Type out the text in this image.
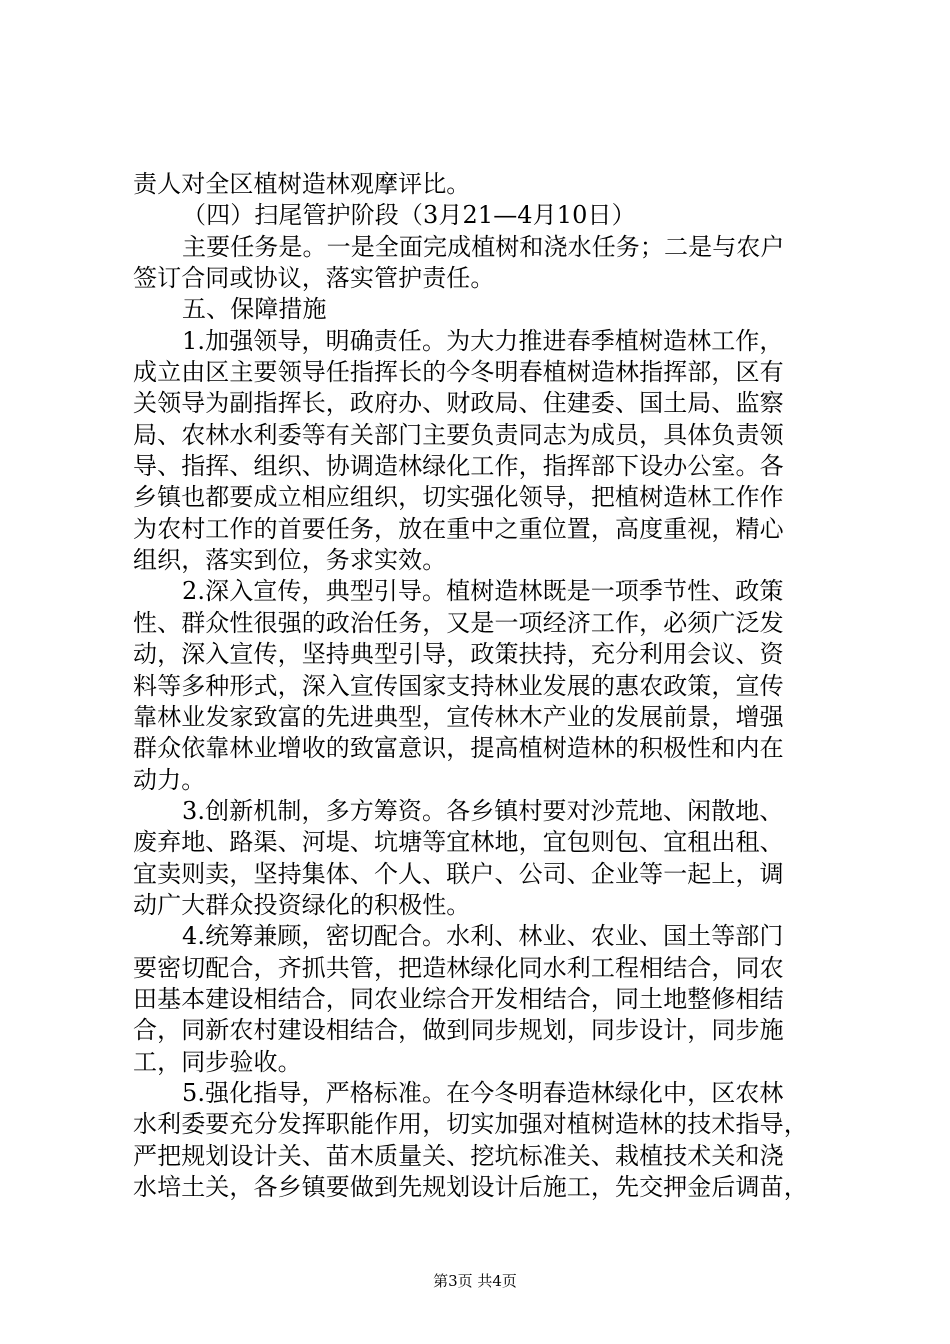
责人对全区植树造林观摩评比。
（四）扫尾管护阶段（3月21—4月10日）
主要任务是。一是全面完成植树和浇水任务；二是与农户
签订合同或协议，落实管护责任。
五、保障措施
1.加强领导，明确责任。为大力推进春季植树造林工作，
成立由区主要领导任指挥长的今冬明春植树造林指挥部，区有
关领导为副指挥长，政府办、财政局、住建委、国土局、监察
局、农林水利委等有关部门主要负责同志为成员，具体负责领
导、指挥、组织、协调造林绿化工作，指挥部下设办公室。各
乡镇也都要成立相应组织，切实强化领导，把植树造林工作作
为农村工作的首要任务，放在重中之重位置，高度重视，精心
组织，落实到位，务求实效。
2.深入宣传，典型引导。植树造林既是一项季节性、政策
性、群众性很强的政治任务，又是一项经济工作，必须广泛发
动，深入宣传，坚持典型引导，政策扶持，充分利用会议、资
料等多种形式，深入宣传国家支持林业发展的惠农政策，宣传
靠林业发家致富的先进典型，宣传林木产业的发展前景，增强
群众依靠林业增收的致富意识，提高植树造林的积极性和内在
动力。
3.创新机制，多方筹资。各乡镇村要对沙荒地、闲散地、
废弃地、路渠、河堤、坑塘等宜林地，宜包则包、宜租出租、
宜卖则卖，坚持集体、个人、联户、公司、企业等一起上，调
动广大群众投资绿化的积极性。
4.统筹兼顾，密切配合。水利、林业、农业、国土等部门
要密切配合，齐抓共管，把造林绿化同水利工程相结合，同农
田基本建设相结合，同农业综合开发相结合，同土地整修相结
合，同新农村建设相结合，做到同步规划，同步设计，同步施
工，同步验收。
5.强化指导，严格标准。在今冬明春造林绿化中，区农林
水利委要充分发挥职能作用，切实加强对植树造林的技术指导，
严把规划设计关、苗木质量关、挖坑标准关、栽植技术关和浇
水培土关，各乡镇要做到先规划设计后施工，先交押金后调苗，
第3页 共4页
